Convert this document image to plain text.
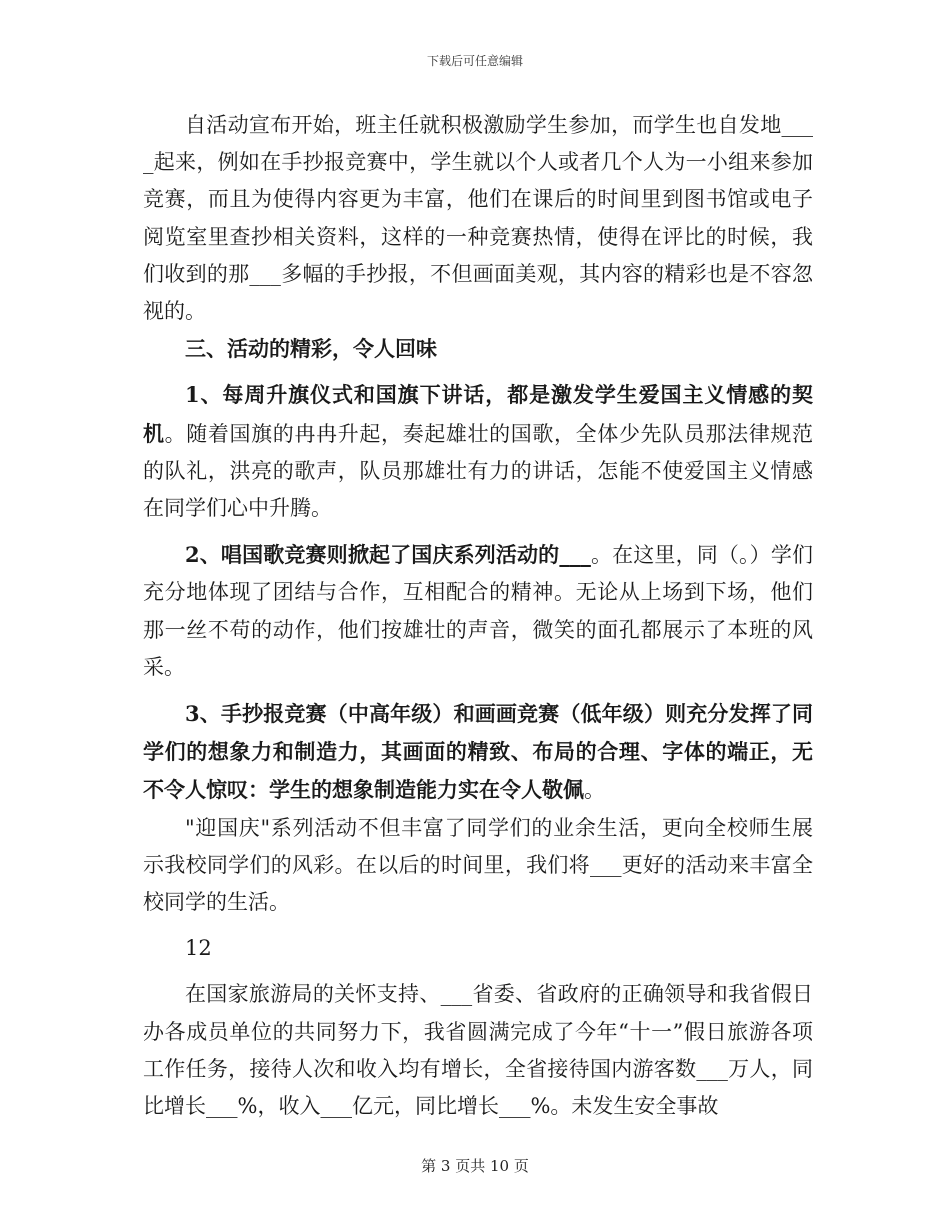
下载后可任意编辑

自活动宣布开始，班主任就积极激励学生参加，而学生也自发地____起来，例如在手抄报竞赛中，学生就以个人或者几个人为一小组来参加竞赛，而且为使得内容更为丰富，他们在课后的时间里到图书馆或电子阅览室里查抄相关资料，这样的一种竞赛热情，使得在评比的时候，我们收到的那___多幅的手抄报，不但画面美观，其内容的精彩也是不容忽视的。

三、活动的精彩，令人回味

1、每周升旗仪式和国旗下讲话，都是激发学生爱国主义情感的契机。随着国旗的冉冉升起，奏起雄壮的国歌，全体少先队员那法律规范的队礼，洪亮的歌声，队员那雄壮有力的讲话，怎能不使爱国主义情感在同学们心中升腾。

2、唱国歌竞赛则掀起了国庆系列活动的___。在这里，同（。）学们充分地体现了团结与合作，互相配合的精神。无论从上场到下场，他们那一丝不苟的动作，他们按雄壮的声音，微笑的面孔都展示了本班的风采。

3、手抄报竞赛（中高年级）和画画竞赛（低年级）则充分发挥了同学们的想象力和制造力，其画面的精致、布局的合理、字体的端正，无不令人惊叹：学生的想象制造能力实在令人敬佩。

"迎国庆"系列活动不但丰富了同学们的业余生活，更向全校师生展示我校同学们的风彩。在以后的时间里，我们将___更好的活动来丰富全校同学的生活。

12

在国家旅游局的关怀支持、___省委、省政府的正确领导和我省假日办各成员单位的共同努力下，我省圆满完成了今年“十一”假日旅游各项工作任务，接待人次和收入均有增长，全省接待国内游客数___万人，同比增长___%，收入___亿元，同比增长___%。未发生安全事故

第 3 页共 10 页
